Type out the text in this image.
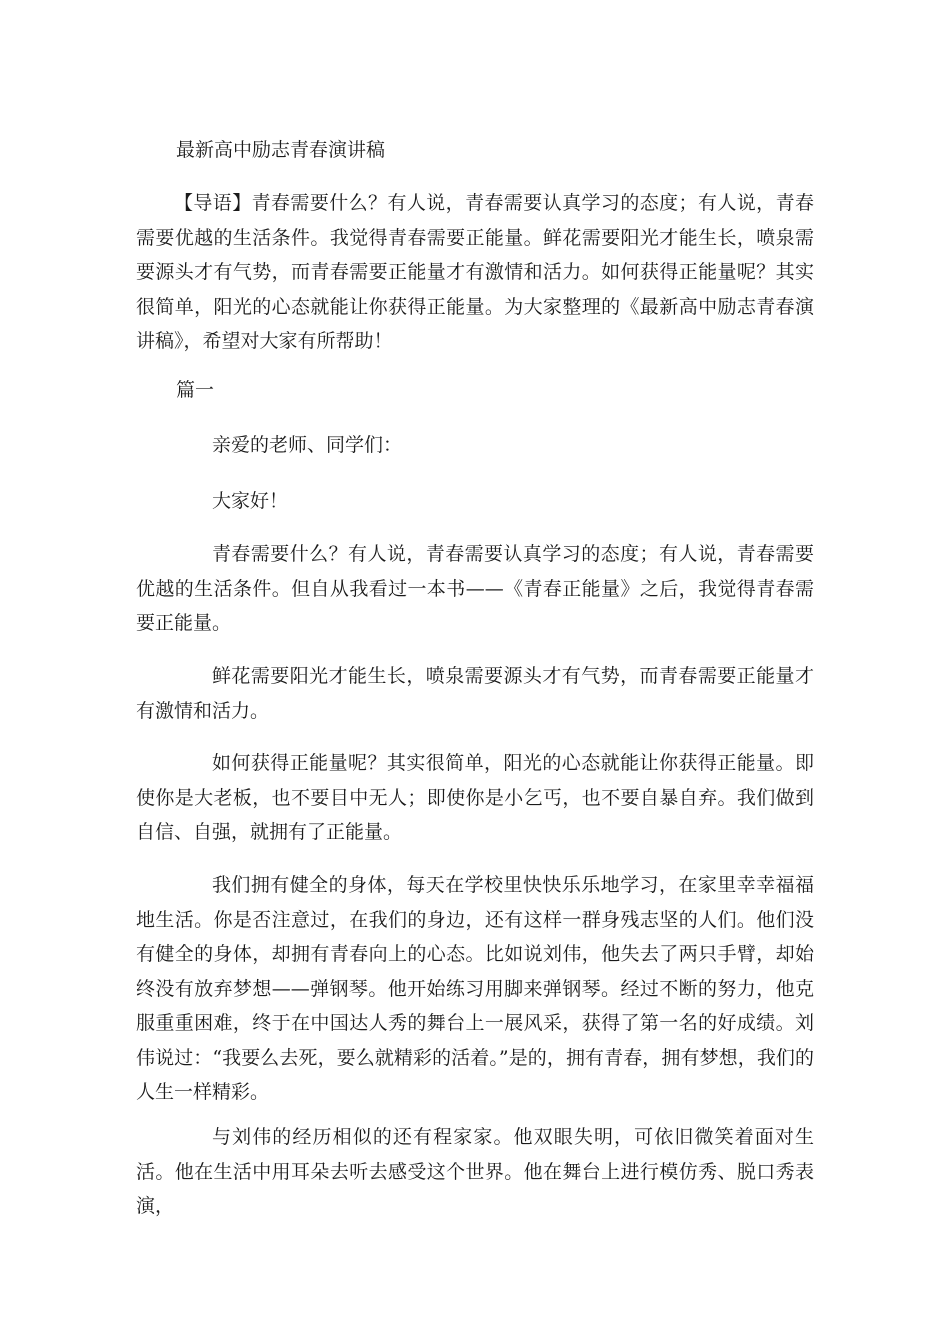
最新高中励志青春演讲稿
【导语】青春需要什么？有人说，青春需要认真学习的态度；有人说，青春需要优越的生活条件。我觉得青春需要正能量。鲜花需要阳光才能生长，喷泉需要源头才有气势，而青春需要正能量才有激情和活力。如何获得正能量呢？其实很简单，阳光的心态就能让你获得正能量。为大家整理的《最新高中励志青春演讲稿》，希望对大家有所帮助！
篇一
亲爱的老师、同学们：
大家好！
青春需要什么？有人说，青春需要认真学习的态度；有人说，青春需要优越的生活条件。但自从我看过一本书——《青春正能量》之后，我觉得青春需要正能量。
鲜花需要阳光才能生长，喷泉需要源头才有气势，而青春需要正能量才有激情和活力。
如何获得正能量呢？其实很简单，阳光的心态就能让你获得正能量。即使你是大老板，也不要目中无人；即使你是小乞丐，也不要自暴自弃。我们做到自信、自强，就拥有了正能量。
我们拥有健全的身体，每天在学校里快快乐乐地学习，在家里幸幸福福地生活。你是否注意过，在我们的身边，还有这样一群身残志坚的人们。他们没有健全的身体，却拥有青春向上的心态。比如说刘伟，他失去了两只手臂，却始终没有放弃梦想——弹钢琴。他开始练习用脚来弹钢琴。经过不断的努力，他克服重重困难，终于在中国达人秀的舞台上一展风采，获得了第一名的好成绩。刘伟说过：“我要么去死，要么就精彩的活着。”是的，拥有青春，拥有梦想，我们的人生一样精彩。
与刘伟的经历相似的还有程家家。他双眼失明，可依旧微笑着面对生活。他在生活中用耳朵去听去感受这个世界。他在舞台上进行模仿秀、脱口秀表演，
